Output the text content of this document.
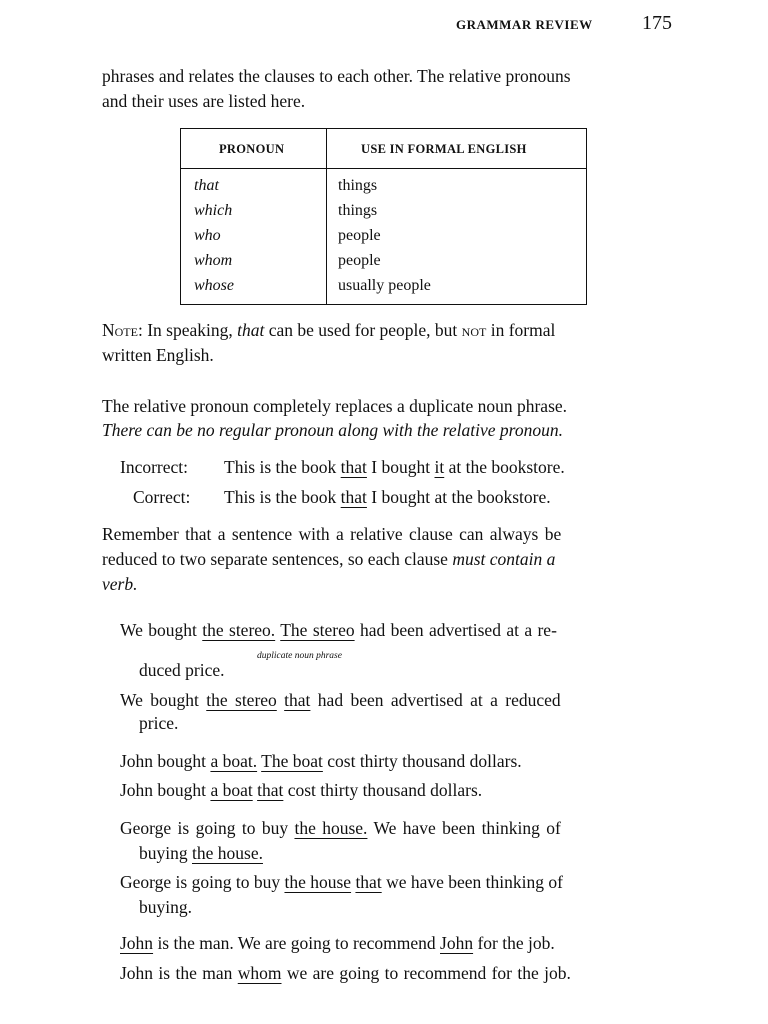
GRAMMAR REVIEW 175
phrases and relates the clauses to each other. The relative pronouns
and their uses are listed here.
PRONOUN	USE IN FORMAL ENGLISH
that	things
which	things
who	people
whom	people
whose	usually people
Note: In speaking, that can be used for people, but not in formal
written English.
The relative pronoun completely replaces a duplicate noun phrase.
There can be no regular pronoun along with the relative pronoun.
Incorrect: This is the book that I bought it at the bookstore.
Correct: This is the book that I bought at the bookstore.
Remember that a sentence with a relative clause can always be
reduced to two separate sentences, so each clause must contain a
verb.
We bought the stereo. The stereo had been advertised at a re-
duplicate noun phrase
duced price.
We bought the stereo that had been advertised at a reduced
price.
John bought a boat. The boat cost thirty thousand dollars.
John bought a boat that cost thirty thousand dollars.
George is going to buy the house. We have been thinking of
buying the house.
George is going to buy the house that we have been thinking of
buying.
John is the man. We are going to recommend John for the job.
John is the man whom we are going to recommend for the job.
